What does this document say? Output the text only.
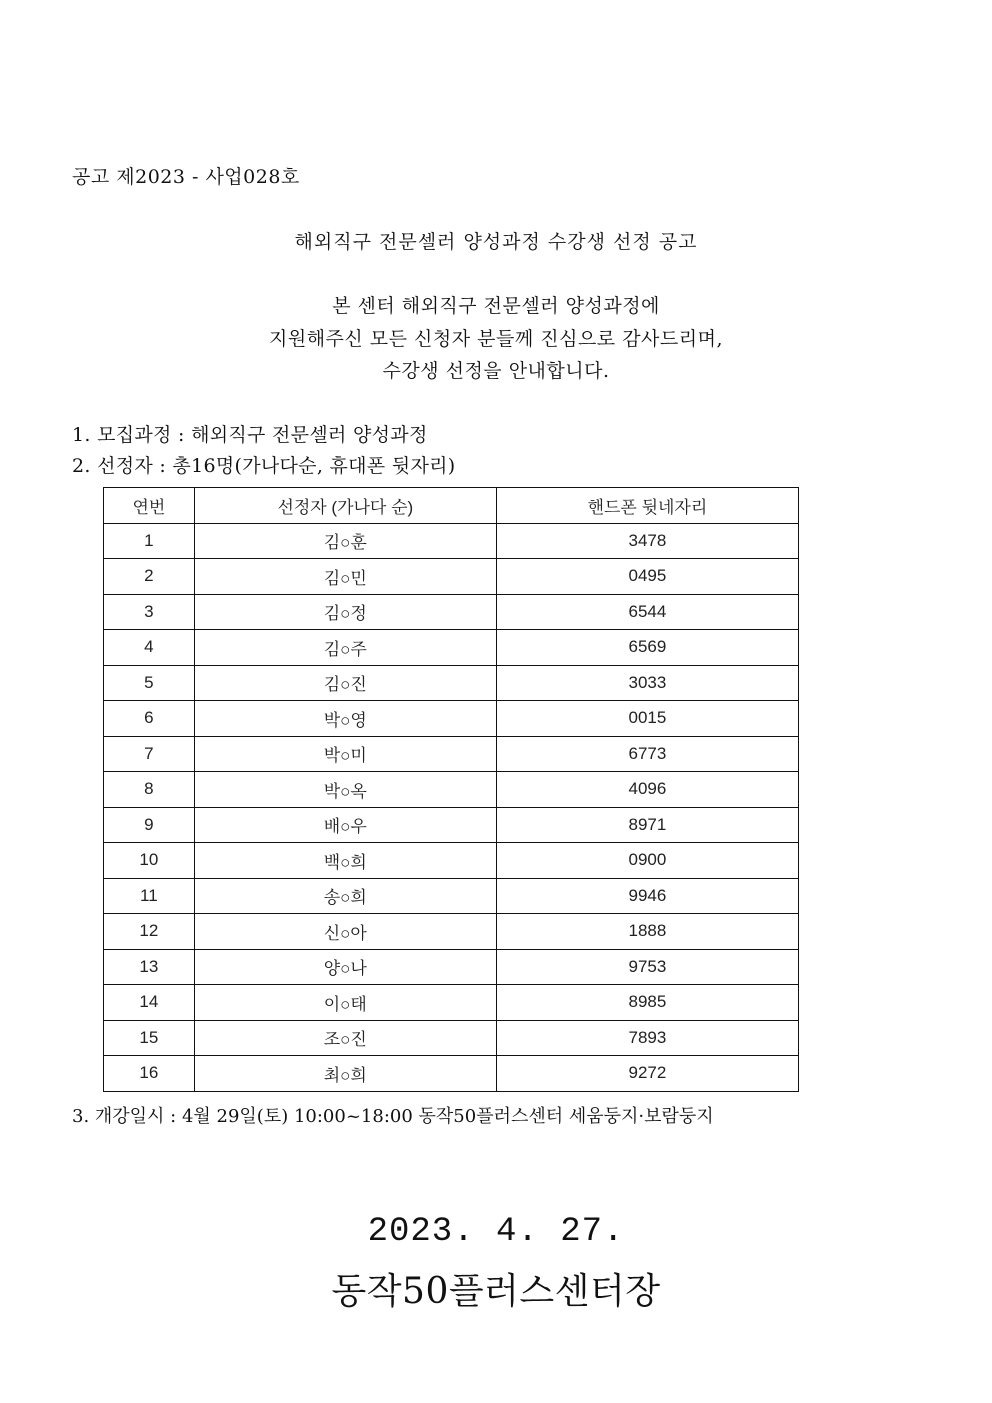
공고 제2023 - 사업028호
해외직구 전문셀러 양성과정 수강생 선정 공고
본 센터 해외직구 전문셀러 양성과정에
지원해주신 모든 신청자 분들께 진심으로 감사드리며,
수강생 선정을 안내합니다.
1. 모집과정 : 해외직구 전문셀러 양성과정
2. 선정자 : 총16명(가나다순, 휴대폰 뒷자리)
연번	선정자 (가나다 순)	핸드폰 뒷네자리
1	김○훈	3478
2	김○민	0495
3	김○정	6544
4	김○주	6569
5	김○진	3033
6	박○영	0015
7	박○미	6773
8	박○옥	4096
9	배○우	8971
10	백○희	0900
11	송○희	9946
12	신○아	1888
13	양○나	9753
14	이○태	8985
15	조○진	7893
16	최○희	9272
3. 개강일시 : 4월 29일(토) 10:00~18:00 동작50플러스센터 세움둥지·보람둥지
2023. 4. 27.
동작50플러스센터장
